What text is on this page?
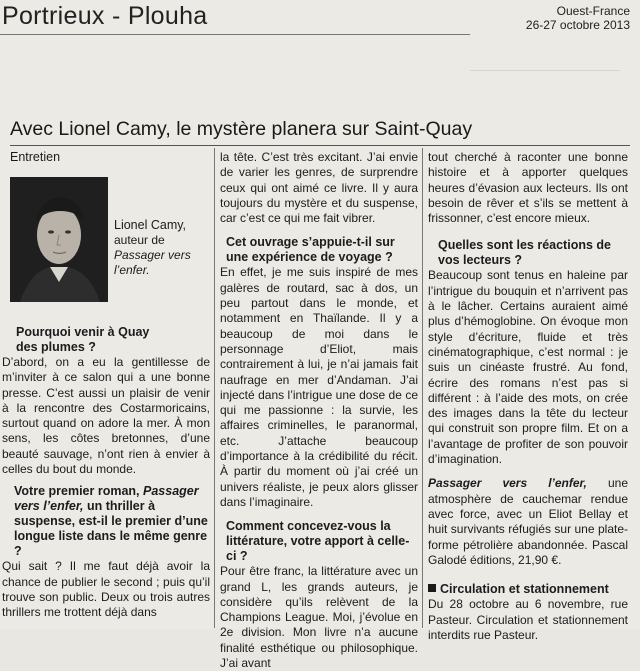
Portrieux - Plouha	Ouest-France
26-27 octobre 2013
Avec Lionel Camy, le mystère planera sur Saint-Quay
Entretien
Lionel Camy,
auteur de
Passager vers l’enfer.

Pourquoi venir à Quay des plumes ?

D’abord, on a eu la gentillesse de m’inviter à ce salon qui a une bonne presse. C’est aussi un plaisir de venir à la rencontre des Costarmoricains, surtout quand on adore la mer. À mon sens, les côtes bretonnes, d’une beauté sauvage, n’ont rien à envier à celles du bout du monde.

Votre premier roman, Passager vers l’enfer, un thriller à suspense, est-il le premier d’une longue liste dans le même genre ?

Qui sait ? Il me faut déjà avoir la chance de publier le second ; puis qu’il trouve son public. Deux ou trois autres thrillers me trottent déjà dans

la tête. C’est très excitant. J’ai envie de varier les genres, de surprendre ceux qui ont aimé ce livre. Il y aura toujours du mystère et du suspense, car c’est ce qui me fait vibrer.

Cet ouvrage s’appuie-t-il sur une expérience de voyage ?

En effet, je me suis inspiré de mes galères de routard, sac à dos, un peu partout dans le monde, et notamment en Thaïlande. Il y a beaucoup de moi dans le personnage d’Eliot, mais contrairement à lui, je n’ai jamais fait naufrage en mer d’Andaman. J’ai injecté dans l’intrigue une dose de ce qui me passionne : la survie, les affaires criminelles, le paranormal, etc. J’attache beaucoup d’importance à la crédibilité du récit. À partir du moment où j’ai créé un univers réaliste, je peux alors glisser dans l’imaginaire.

Comment concevez-vous la littérature, votre apport à celle-ci ?

Pour être franc, la littérature avec un grand L, les grands auteurs, je considère qu’ils relèvent de la Champions League. Moi, j’évolue en 2e division. Mon livre n’a aucune finalité esthétique ou philosophique. J’ai avant

tout cherché à raconter une bonne histoire et à apporter quelques heures d’évasion aux lecteurs. Ils ont besoin de rêver et s’ils se mettent à frissonner, c’est encore mieux.

Quelles sont les réactions de vos lecteurs ?

Beaucoup sont tenus en haleine par l’intrigue du bouquin et n’arrivent pas à le lâcher. Certains auraient aimé plus d’hémoglobine. On évoque mon style d’écriture, fluide et très cinématographique, c’est normal : je suis un cinéaste frustré. Au fond, écrire des romans n’est pas si différent : à l’aide des mots, on crée des images dans la tête du lecteur qui construit son propre film. Et on a l’avantage de profiter de son pouvoir d’imagination.

Passager vers l’enfer, une atmosphère de cauchemar rendue avec force, avec un Eliot Bellay et huit survivants réfugiés sur une plate-forme pétrolière abandonnée. Pascal Galodé éditions, 21,90 €.

Circulation et stationnement

Du 28 octobre au 6 novembre, rue Pasteur. Circulation et stationnement interdits rue Pasteur.
